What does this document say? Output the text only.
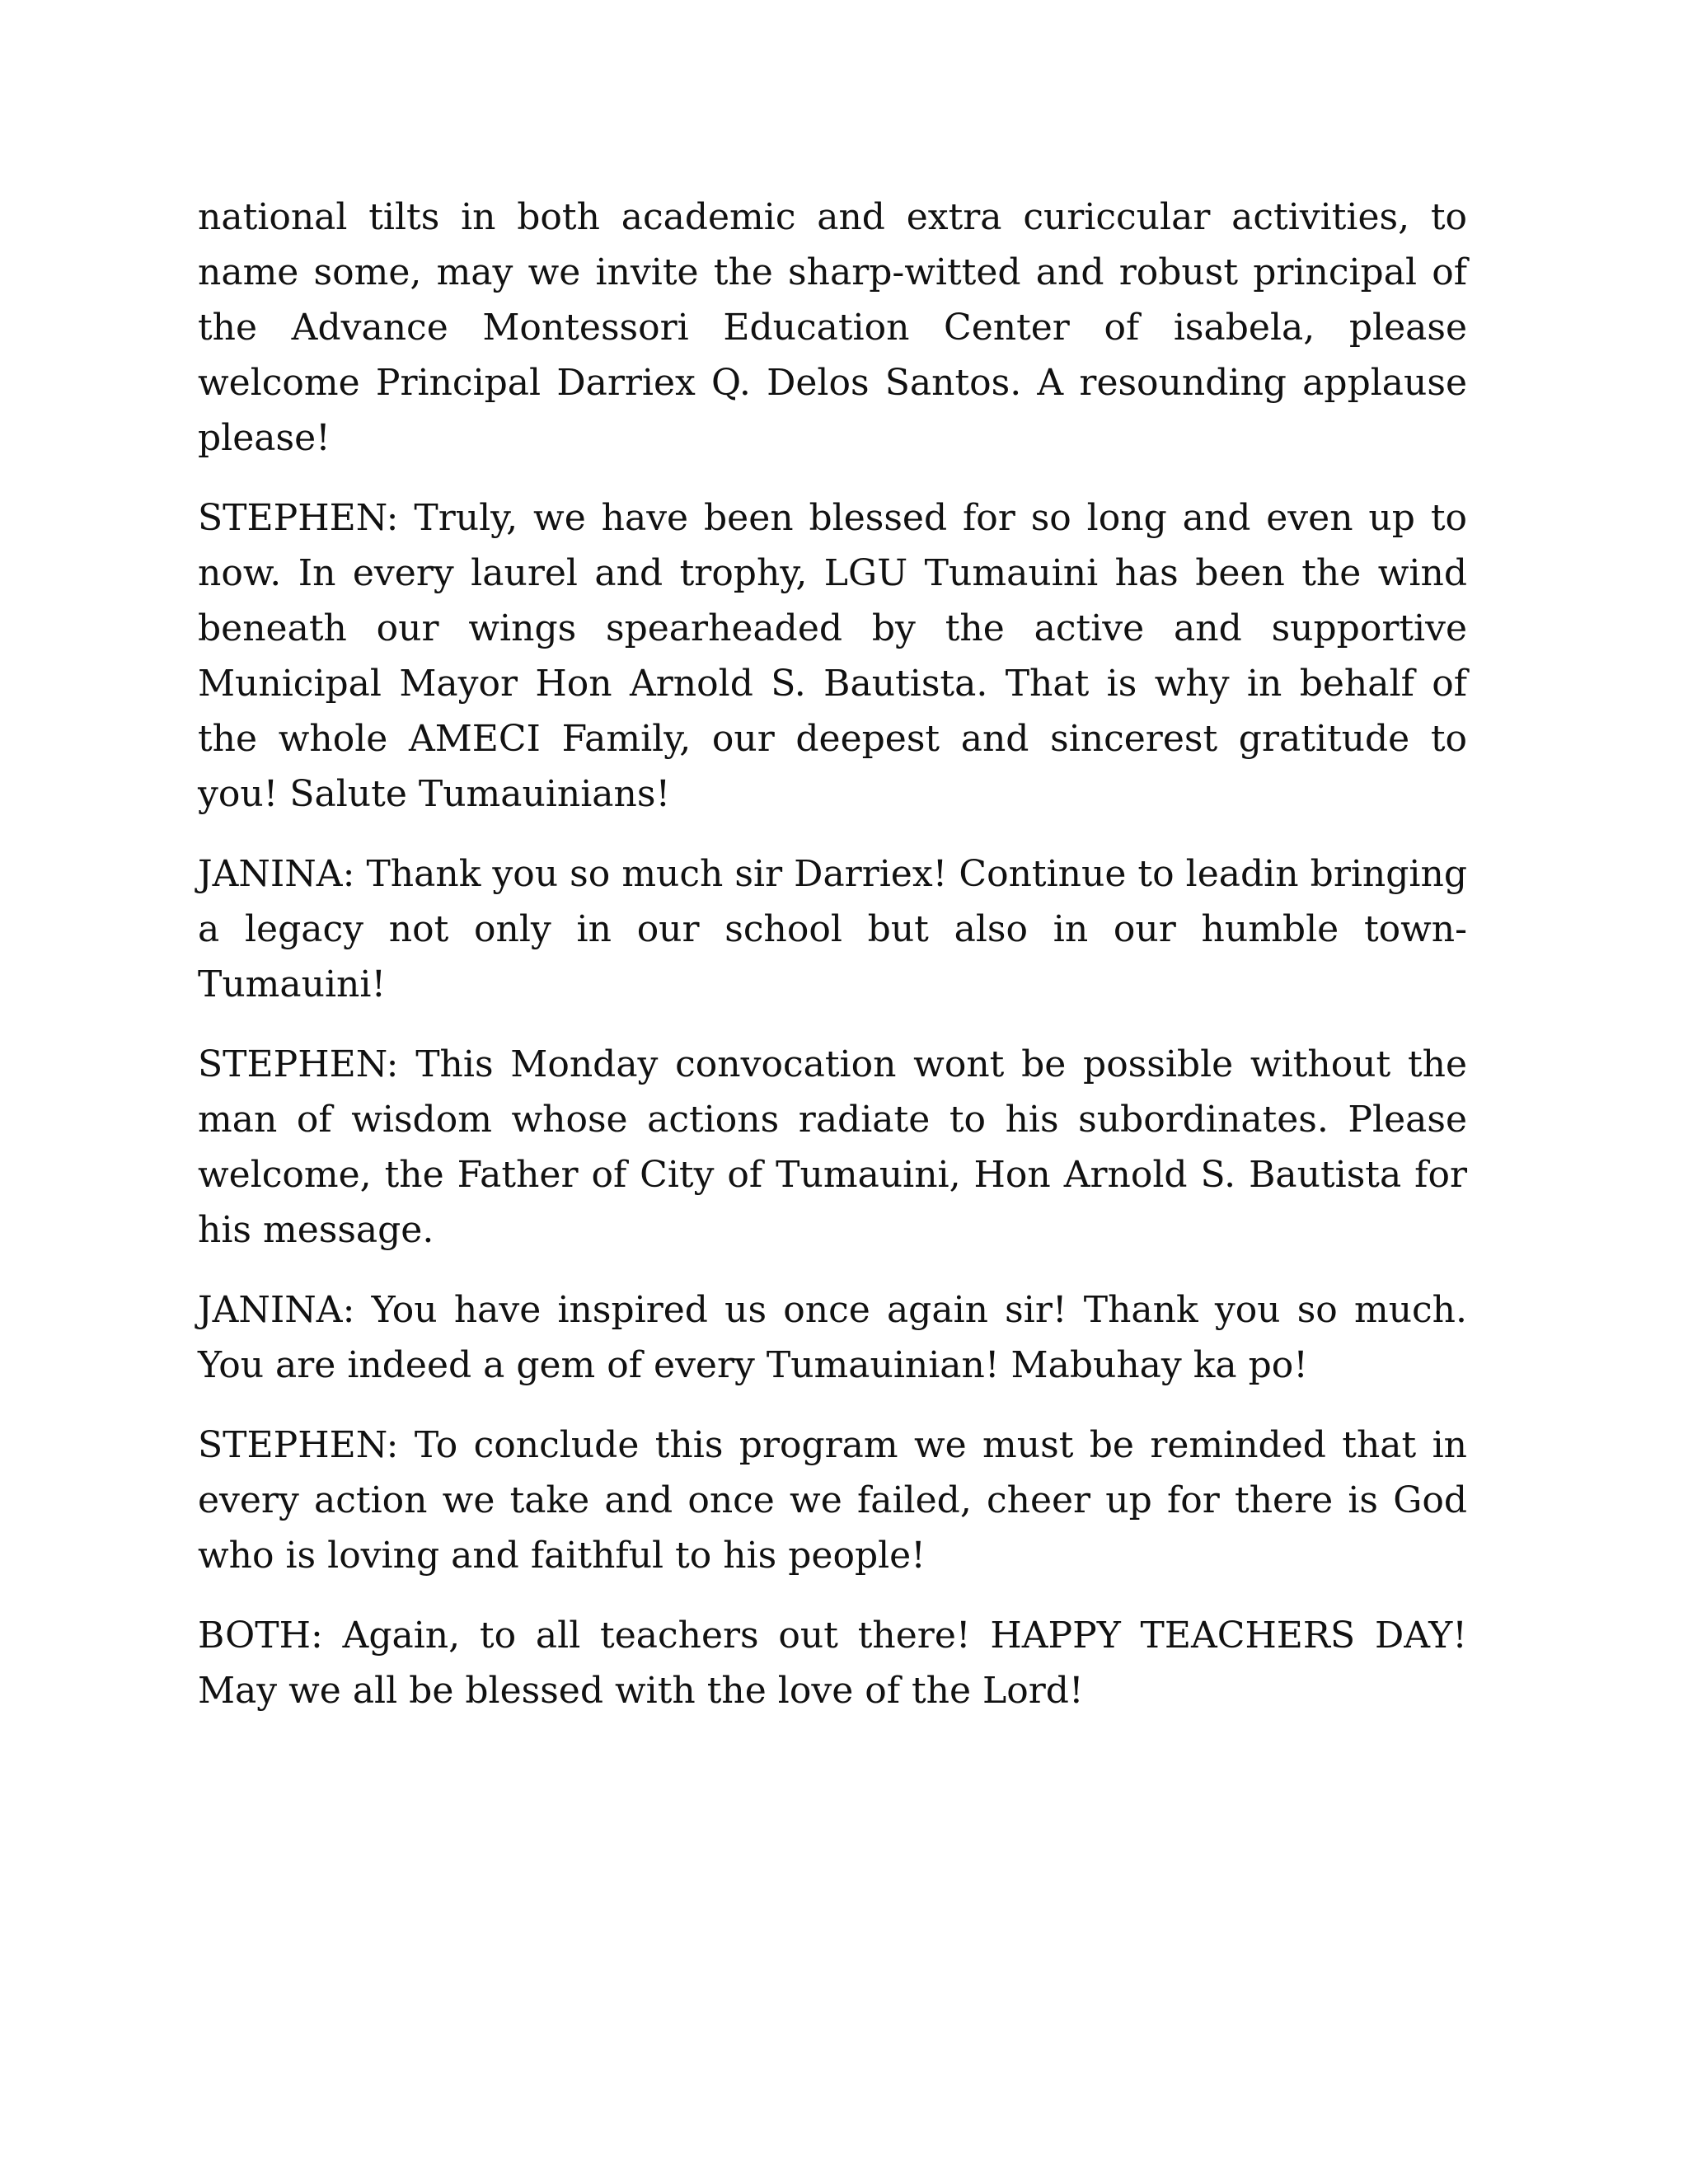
national tilts in both academic and extra curiccular activities, to name some, may we invite the sharp-witted and robust principal of the Advance Montessori Education Center of isabela, please welcome Principal Darriex Q. Delos Santos. A resounding applause please!

STEPHEN: Truly, we have been blessed for so long and even up to now. In every laurel and trophy, LGU Tumauini has been the wind beneath our wings spearheaded by the active and supportive Municipal Mayor Hon Arnold S. Bautista. That is why in behalf of the whole AMECI Family, our deepest and sincerest gratitude to you! Salute Tumauinians!

JANINA: Thank you so much sir Darriex! Continue to leadin bringing a legacy not only in our school but also in our humble town- Tumauini!

STEPHEN: This Monday convocation wont be possible without the man of wisdom whose actions radiate to his subordinates. Please welcome, the Father of City of Tumauini, Hon Arnold S. Bautista for his message.

JANINA: You have inspired us once again sir! Thank you so much. You are indeed a gem of every Tumauinian! Mabuhay ka po!

STEPHEN: To conclude this program we must be reminded that in every action we take and once we failed, cheer up for there is God who is loving and faithful to his people!

BOTH: Again, to all teachers out there! HAPPY TEACHERS DAY! May we all be blessed with the love of the Lord!
